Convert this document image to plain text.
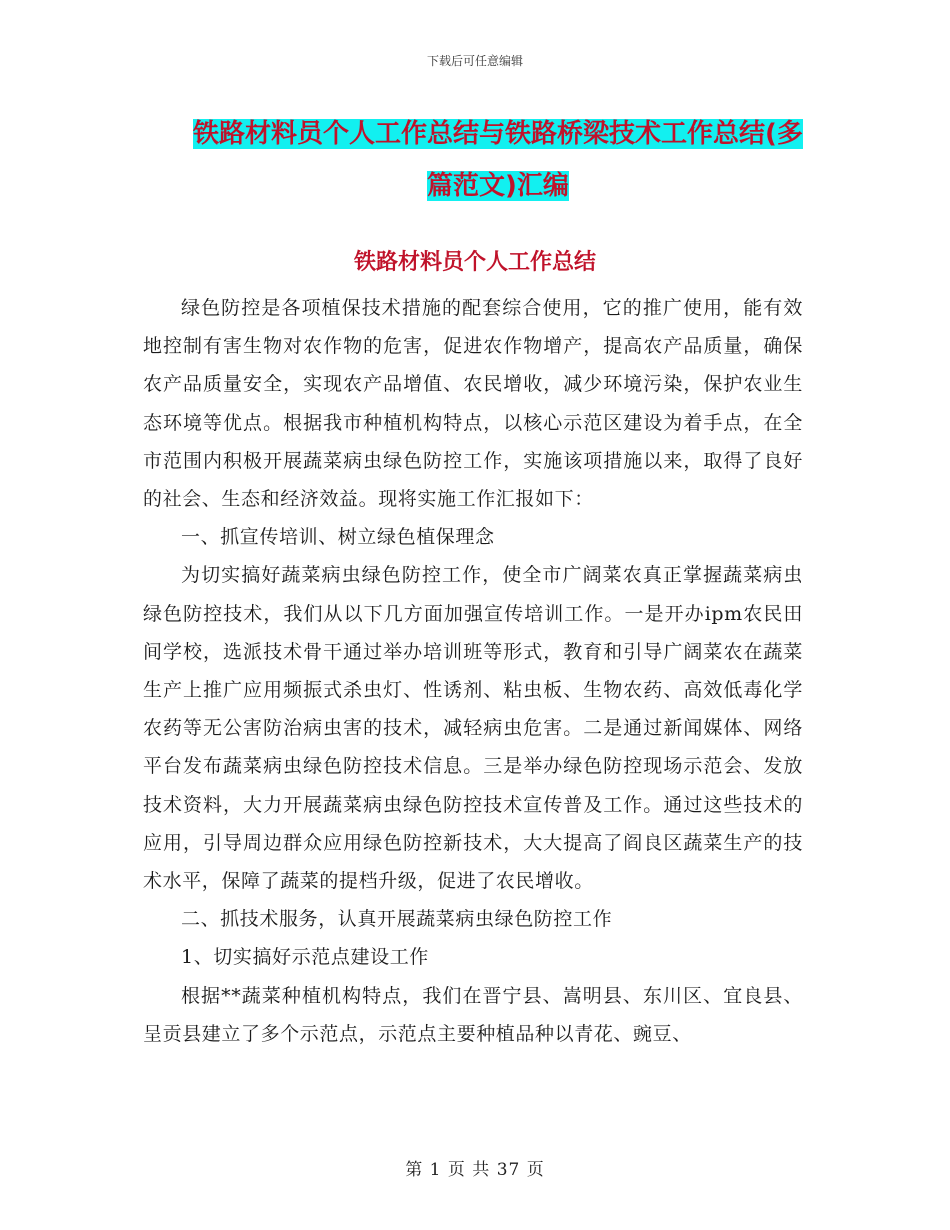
下载后可任意编辑
铁路材料员个人工作总结与铁路桥梁技术工作总结(多篇范文)汇编
铁路材料员个人工作总结

绿色防控是各项植保技术措施的配套综合使用，它的推广使用，能有效地控制有害生物对农作物的危害，促进农作物增产，提高农产品质量，确保农产品质量安全，实现农产品增值、农民增收，减少环境污染，保护农业生态环境等优点。根据我市种植机构特点，以核心示范区建设为着手点，在全市范围内积极开展蔬菜病虫绿色防控工作，实施该项措施以来，取得了良好的社会、生态和经济效益。现将实施工作汇报如下：

一、抓宣传培训、树立绿色植保理念

为切实搞好蔬菜病虫绿色防控工作，使全市广阔菜农真正掌握蔬菜病虫绿色防控技术，我们从以下几方面加强宣传培训工作。一是开办ipm农民田间学校，选派技术骨干通过举办培训班等形式，教育和引导广阔菜农在蔬菜生产上推广应用频振式杀虫灯、性诱剂、粘虫板、生物农药、高效低毒化学农药等无公害防治病虫害的技术，减轻病虫危害。二是通过新闻媒体、网络平台发布蔬菜病虫绿色防控技术信息。三是举办绿色防控现场示范会、发放技术资料，大力开展蔬菜病虫绿色防控技术宣传普及工作。通过这些技术的应用，引导周边群众应用绿色防控新技术，大大提高了阎良区蔬菜生产的技术水平，保障了蔬菜的提档升级，促进了农民增收。

二、抓技术服务，认真开展蔬菜病虫绿色防控工作

1、切实搞好示范点建设工作

根据**蔬菜种植机构特点，我们在晋宁县、嵩明县、东川区、宜良县、呈贡县建立了多个示范点，示范点主要种植品种以青花、豌豆、

第 1 页 共 37 页
